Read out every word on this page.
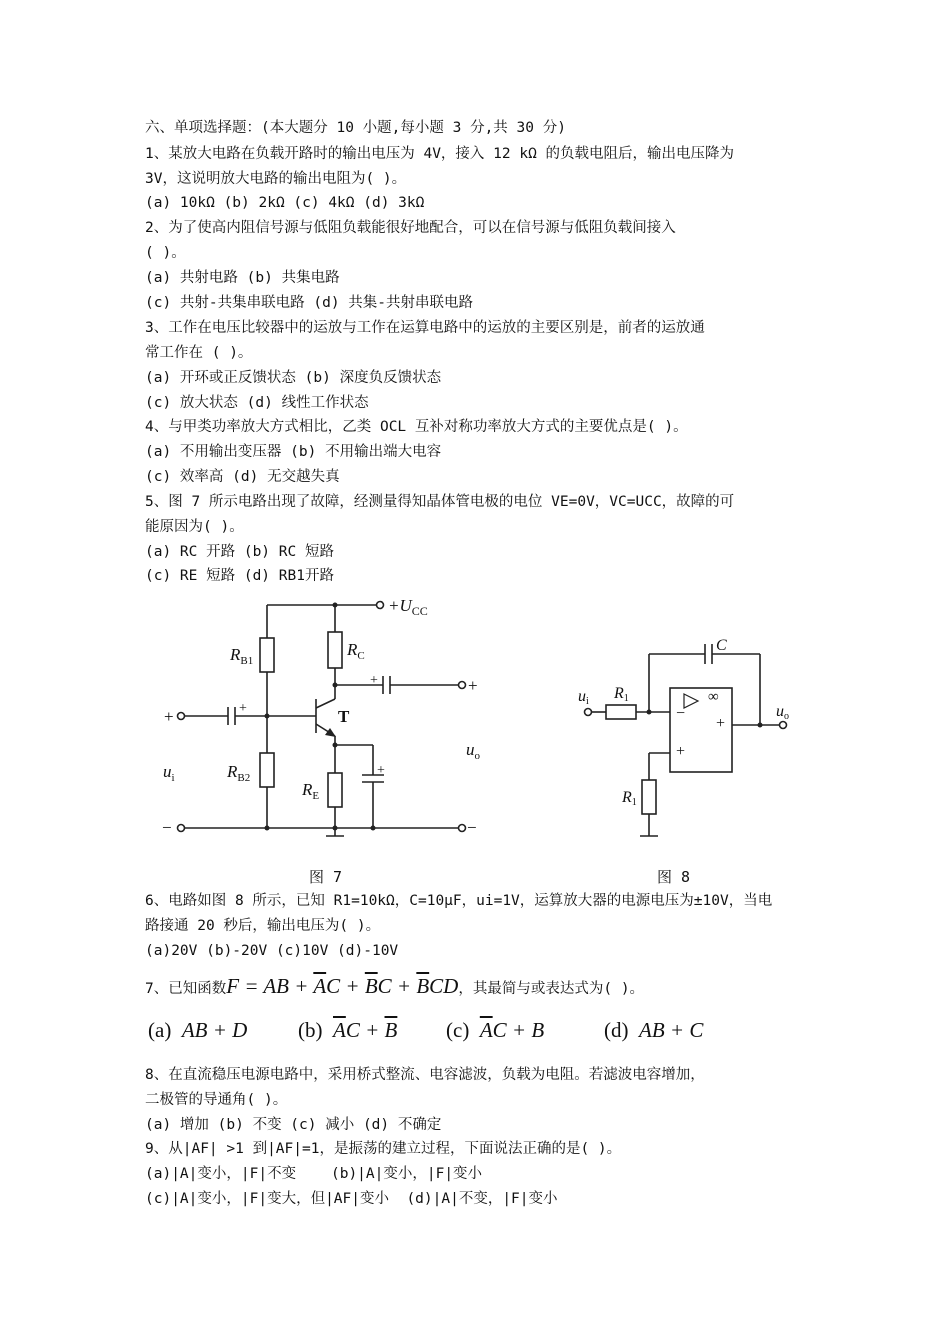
六、单项选择题：(本大题分 10 小题,每小题 3 分,共 30 分)
1、某放大电路在负载开路时的输出电压为 4V，接入 12 kΩ 的负载电阻后，输出电压降为
3V，这说明放大电路的输出电阻为( )。
(a) 10kΩ (b) 2kΩ (c) 4kΩ (d) 3kΩ
2、为了使高内阻信号源与低阻负载能很好地配合，可以在信号源与低阻负载间接入
( )。
(a) 共射电路 (b) 共集电路
(c) 共射-共集串联电路 (d) 共集-共射串联电路
3、工作在电压比较器中的运放与工作在运算电路中的运放的主要区别是，前者的运放通
常工作在 ( )。
(a) 开环或正反馈状态 (b) 深度负反馈状态
(c) 放大状态 (d) 线性工作状态
4、与甲类功率放大方式相比，乙类 OCL 互补对称功率放大方式的主要优点是( )。
(a) 不用输出变压器 (b) 不用输出端大电容
(c) 效率高 (d) 无交越失真
5、图 7 所示电路出现了故障，经测量得知晶体管电极的电位 VE=0V，VC=UCC，故障的可
能原因为( )。
(a) RC 开路 (b) RC 短路
(c) RE 短路 (d) RB1开路
$+U_{CC}$
$R_{B1}$
$R_C$
$R_{B2}$
$R_E$
T
$u_i$
$u_o$
+
−
+
−
+
+
+
C
ui R1
R1
uo
∞
−
+
+
图 7	图 8
6、电路如图 8 所示，已知 R1=10kΩ，C=10μF，ui=1V，运算放大器的电源电压为±10V，当电
路接通 20 秒后，输出电压为( )。
(a)20V (b)-20V (c)10V (d)-10V
7、已知函数F = AB + $\overline{A}C + \overline{B}C + \overline{B}CD$，其最简与或表达式为( )。
(a) AB + D (b) $\overline{A}C + \overline{B}$ (c) $\overline{A}C + B$	(d) AB + C
8、在直流稳压电源电路中，采用桥式整流、电容滤波，负载为电阻。若滤波电容增加，
二极管的导通角( )。
(a) 增加 (b) 不变 (c) 减小 (d) 不确定
9、从|AF| >1 到|AF|=1，是振荡的建立过程，下面说法正确的是( )。
(a)|A|变小，|F|不变    (b)|A|变小，|F|变小
(c)|A|变小，|F|变大，但|AF|变小  (d)|A|不变，|F|变小
